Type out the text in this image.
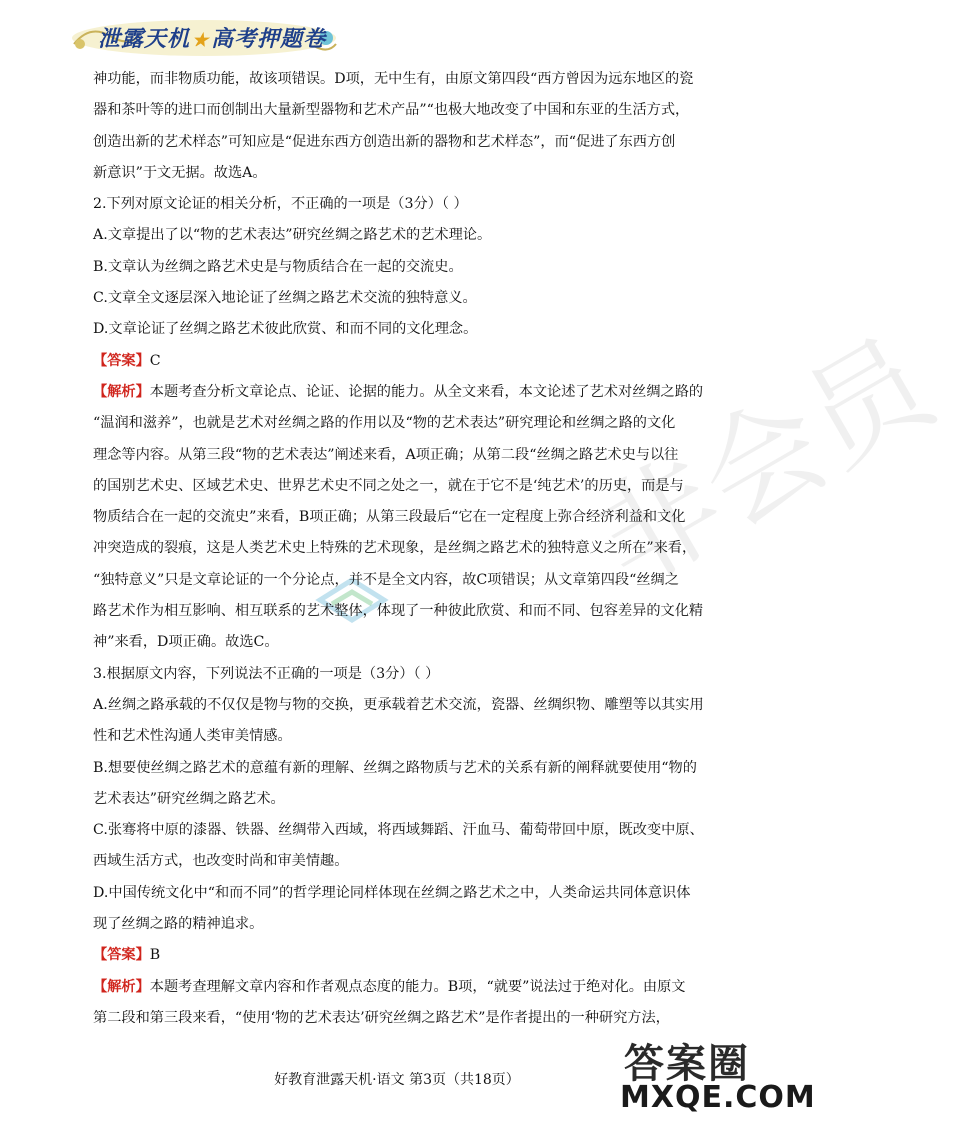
泄露天机 ★高考押题卷
非会员
神功能，而非物质功能，故该项错误。D项，无中生有，由原文第四段“西方曾因为远东地区的瓷
器和茶叶等的进口而创制出大量新型器物和艺术产品”“也极大地改变了中国和东亚的生活方式，
创造出新的艺术样态”可知应是“促进东西方创造出新的器物和艺术样态”，而“促进了东西方创
新意识”于文无据。故选A。
2.下列对原文论证的相关分析，不正确的一项是（3分）（ ）
A.文章提出了以“物的艺术表达”研究丝绸之路艺术的艺术理论。
B.文章认为丝绸之路艺术史是与物质结合在一起的交流史。
C.文章全文逐层深入地论证了丝绸之路艺术交流的独特意义。
D.文章论证了丝绸之路艺术彼此欣赏、和而不同的文化理念。
【答案】C
【解析】本题考查分析文章论点、论证、论据的能力。从全文来看，本文论述了艺术对丝绸之路的
“温润和滋养”，也就是艺术对丝绸之路的作用以及“物的艺术表达”研究理论和丝绸之路的文化
理念等内容。从第三段“物的艺术表达”阐述来看，A项正确；从第二段“丝绸之路艺术史与以往
的国别艺术史、区域艺术史、世界艺术史不同之处之一，就在于它不是‘纯艺术’的历史，而是与
物质结合在一起的交流史”来看，B项正确；从第三段最后“它在一定程度上弥合经济利益和文化
冲突造成的裂痕，这是人类艺术史上特殊的艺术现象，是丝绸之路艺术的独特意义之所在”来看，
“独特意义”只是文章论证的一个分论点，并不是全文内容，故C项错误；从文章第四段“丝绸之
路艺术作为相互影响、相互联系的艺术整体，体现了一种彼此欣赏、和而不同、包容差异的文化精
神”来看，D项正确。故选C。
3.根据原文内容，下列说法不正确的一项是（3分）（ ）
A.丝绸之路承载的不仅仅是物与物的交换，更承载着艺术交流，瓷器、丝绸织物、雕塑等以其实用
性和艺术性沟通人类审美情感。
B.想要使丝绸之路艺术的意蕴有新的理解、丝绸之路物质与艺术的关系有新的阐释就要使用“物的
艺术表达”研究丝绸之路艺术。
C.张骞将中原的漆器、铁器、丝绸带入西域，将西域舞蹈、汗血马、葡萄带回中原，既改变中原、
西域生活方式，也改变时尚和审美情趣。
D.中国传统文化中“和而不同”的哲学理论同样体现在丝绸之路艺术之中，人类命运共同体意识体
现了丝绸之路的精神追求。
【答案】B
【解析】本题考查理解文章内容和作者观点态度的能力。B项，“就要”说法过于绝对化。由原文
第二段和第三段来看，“使用‘物的艺术表达’研究丝绸之路艺术”是作者提出的一种研究方法，
好教育泄露天机·语文 第3页（共18页）	答案圈
MXQE.COM
